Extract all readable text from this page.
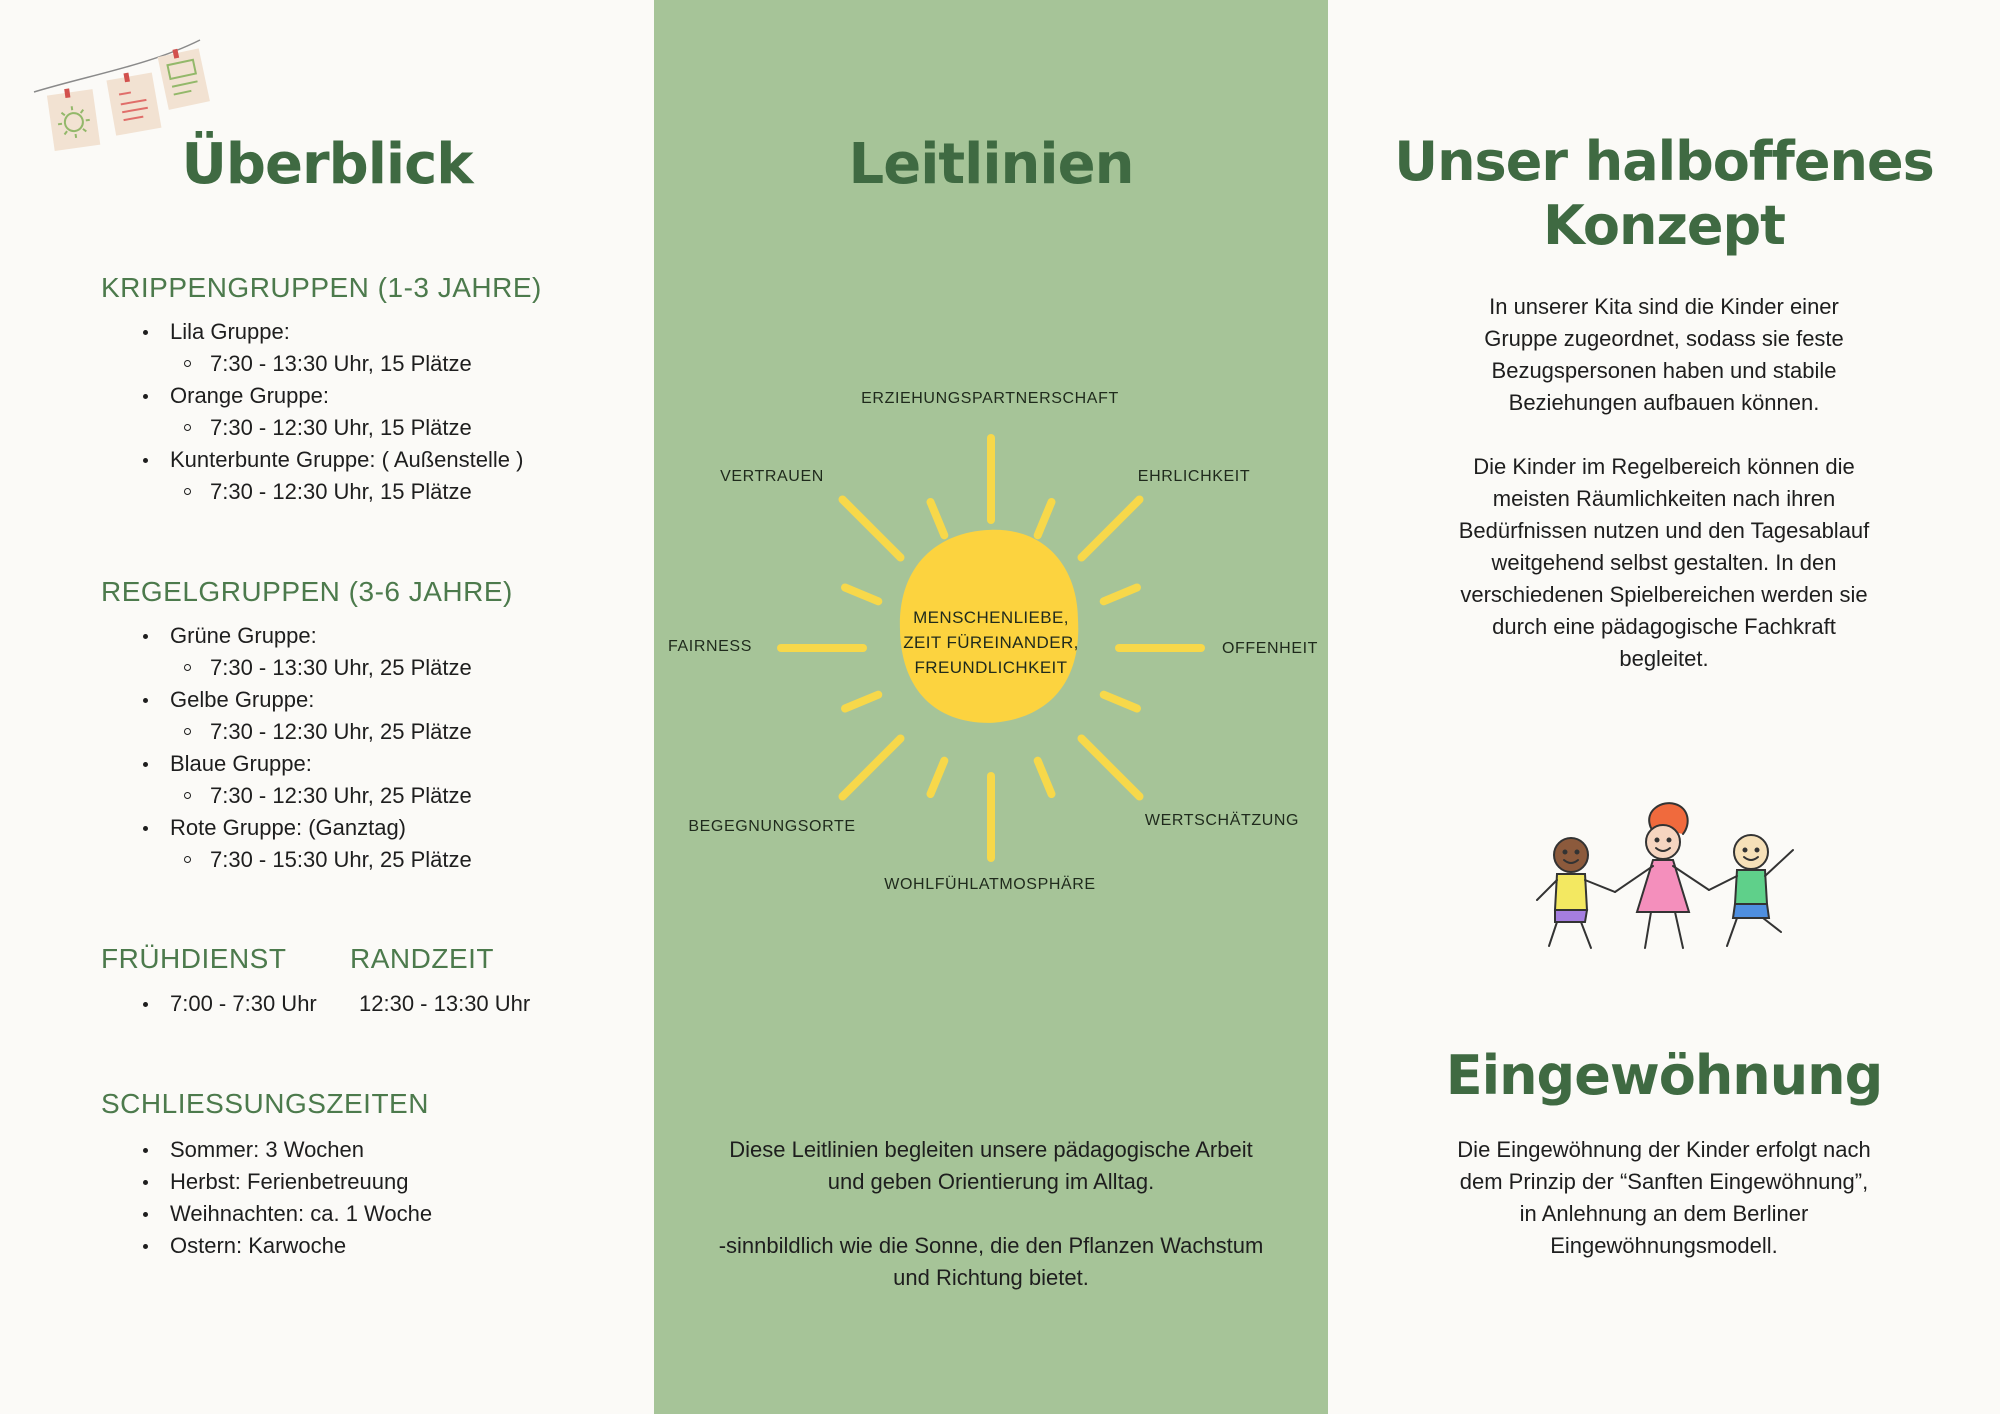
Überblick
KRIPPENGRUPPEN (1-3 JAHRE)
Lila Gruppe:
7:30 - 13:30 Uhr, 15 Plätze
Orange Gruppe:
7:30 - 12:30 Uhr, 15 Plätze
Kunterbunte Gruppe: ( Außenstelle )
7:30 - 12:30 Uhr, 15 Plätze
REGELGRUPPEN (3-6 JAHRE)
Grüne Gruppe:
7:30 - 13:30 Uhr, 25 Plätze
Gelbe Gruppe:
7:30 - 12:30 Uhr, 25 Plätze
Blaue Gruppe:
7:30 - 12:30 Uhr, 25 Plätze
Rote Gruppe: (Ganztag)
7:30 - 15:30 Uhr, 25 Plätze
FRÜHDIENST RANDZEIT
7:00 - 7:30 Uhr 12:30 - 13:30 Uhr
SCHLIESSUNGSZEITEN
Sommer: 3 Wochen
Herbst: Ferienbetreuung
Weihnachten: ca. 1 Woche
Ostern: Karwoche
Leitlinien
MENSCHENLIEBE,
ZEIT FÜREINANDER,
FREUNDLICHKEIT
ERZIEHUNGSPARTNERSCHAFT
VERTRAUEN	EHRLICHKEIT
FAIRNESS	OFFENHEIT
BEGEGNUNGSORTE	WERTSCHÄTZUNG
WOHLFÜHLATMOSPHÄRE
Diese Leitlinien begleiten unsere pädagogische Arbeit
und geben Orientierung im Alltag.

-sinnbildlich wie die Sonne, die den Pflanzen Wachstum
und Richtung bietet.
Unser halboffenes
Konzept
In unserer Kita sind die Kinder einer
Gruppe zugeordnet, sodass sie feste
Bezugspersonen haben und stabile
Beziehungen aufbauen können.

Die Kinder im Regelbereich können die
meisten Räumlichkeiten nach ihren
Bedürfnissen nutzen und den Tagesablauf
weitgehend selbst gestalten. In den
verschiedenen Spielbereichen werden sie
durch eine pädagogische Fachkraft
begleitet.
Eingewöhnung
Die Eingewöhnung der Kinder erfolgt nach
dem Prinzip der “Sanften Eingewöhnung”,
in Anlehnung an dem Berliner
Eingewöhnungsmodell.
